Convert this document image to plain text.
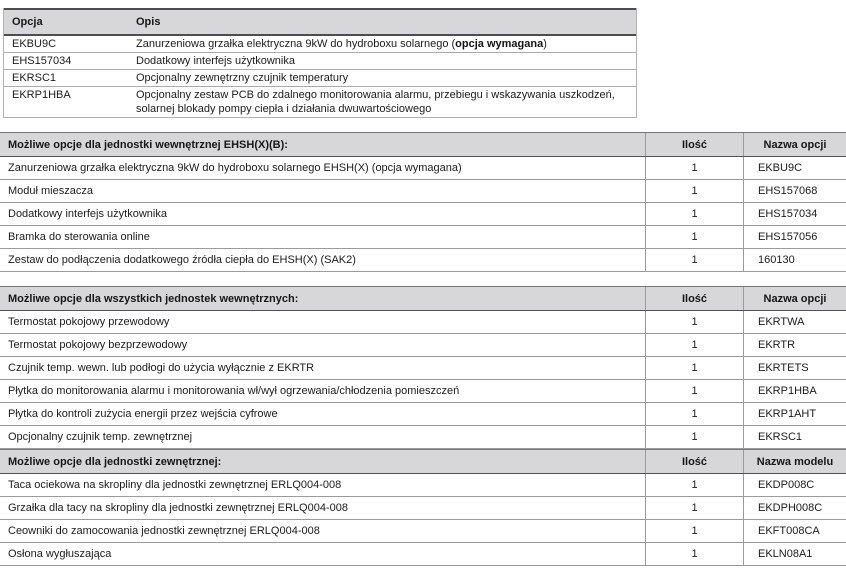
Opcja	Opis
EKBU9C	Zanurzeniowa grzałka elektryczna 9kW do hydroboxu solarnego (opcja wymagana)
EHS157034	Dodatkowy interfejs użytkownika
EKRSC1	Opcjonalny zewnętrzny czujnik temperatury
EKRP1HBA	Opcjonalny zestaw PCB do zdalnego monitorowania alarmu, przebiegu i wskazywania uszkodzeń, solarnej blokady pompy ciepła i działania dwuwartościowego
Możliwe opcje dla jednostki wewnętrznej EHSH(X)(B):	Ilość	Nazwa opcji
Zanurzeniowa grzałka elektryczna 9kW do hydroboxu solarnego EHSH(X) (opcja wymagana)	1	EKBU9C
Moduł mieszacza	1	EHS157068
Dodatkowy interfejs użytkownika	1	EHS157034
Bramka do sterowania online	1	EHS157056
Zestaw do podłączenia dodatkowego źródła ciepła do EHSH(X) (SAK2)	1	160130
Możliwe opcje dla wszystkich jednostek wewnętrznych:	Ilość	Nazwa opcji
Termostat pokojowy przewodowy	1	EKRTWA
Termostat pokojowy bezprzewodowy	1	EKRTR
Czujnik temp. wewn. lub podłogi do użycia wyłącznie z EKRTR	1	EKRTETS
Płytka do monitorowania alarmu i monitorowania wł/wył ogrzewania/chłodzenia pomieszczeń	1	EKRP1HBA
Płytka do kontroli zużycia energii przez wejścia cyfrowe	1	EKRP1AHT
Opcjonalny czujnik temp. zewnętrznej	1	EKRSC1
Możliwe opcje dla jednostki zewnętrznej:	Ilość	Nazwa modelu
Taca ociekowa na skropliny dla jednostki zewnętrznej ERLQ004-008	1	EKDP008C
Grzałka dla tacy na skropliny dla jednostki zewnętrznej ERLQ004-008	1	EKDPH008C
Ceowniki do zamocowania jednostki zewnętrznej ERLQ004-008	1	EKFT008CA
Osłona wygłuszająca	1	EKLN08A1
